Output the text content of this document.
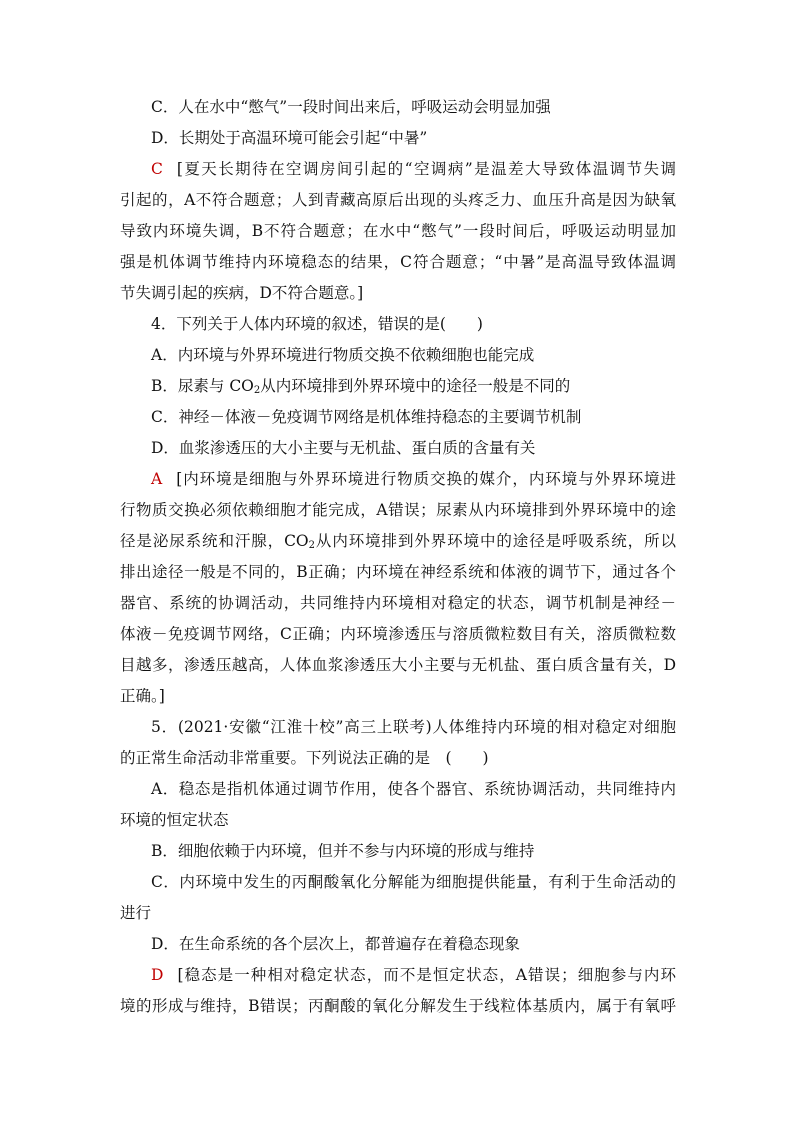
C．人在水中“憋气”一段时间出来后，呼吸运动会明显加强
D．长期处于高温环境可能会引起“中暑”
C [夏天长期待在空调房间引起的“空调病”是温差大导致体温调节失调
引起的，A不符合题意；人到青藏高原后出现的头疼乏力、血压升高是因为缺氧
导致内环境失调，B不符合题意；在水中“憋气”一段时间后，呼吸运动明显加
强是机体调节维持内环境稳态的结果，C符合题意；“中暑”是高温导致体温调
节失调引起的疾病，D不符合题意。]
4．下列关于人体内环境的叙述，错误的是(　　)
A．内环境与外界环境进行物质交换不依赖细胞也能完成
B．尿素与 $CO_2$从内环境排到外界环境中的途径一般是不同的
C．神经－体液－免疫调节网络是机体维持稳态的主要调节机制
D．血浆渗透压的大小主要与无机盐、蛋白质的含量有关
A [内环境是细胞与外界环境进行物质交换的媒介，内环境与外界环境进
行物质交换必须依赖细胞才能完成，A错误；尿素从内环境排到外界环境中的途
径是泌尿系统和汗腺，$CO_2$从内环境排到外界环境中的途径是呼吸系统，所以
排出途径一般是不同的，B正确；内环境在神经系统和体液的调节下，通过各个
器官、系统的协调活动，共同维持内环境相对稳定的状态，调节机制是神经－
体液－免疫调节网络，C正确；内环境渗透压与溶质微粒数目有关，溶质微粒数
目越多，渗透压越高，人体血浆渗透压大小主要与无机盐、蛋白质含量有关，D
正确。]
5．(2021·安徽“江淮十校”高三上联考)人体维持内环境的相对稳定对细胞
的正常生命活动非常重要。下列说法正确的是　(　　)
A．稳态是指机体通过调节作用，使各个器官、系统协调活动，共同维持内
环境的恒定状态
B．细胞依赖于内环境，但并不参与内环境的形成与维持
C．内环境中发生的丙酮酸氧化分解能为细胞提供能量，有利于生命活动的
进行
D．在生命系统的各个层次上，都普遍存在着稳态现象
D [稳态是一种相对稳定状态，而不是恒定状态，A错误；细胞参与内环
境的形成与维持，B错误；丙酮酸的氧化分解发生于线粒体基质内，属于有氧呼
